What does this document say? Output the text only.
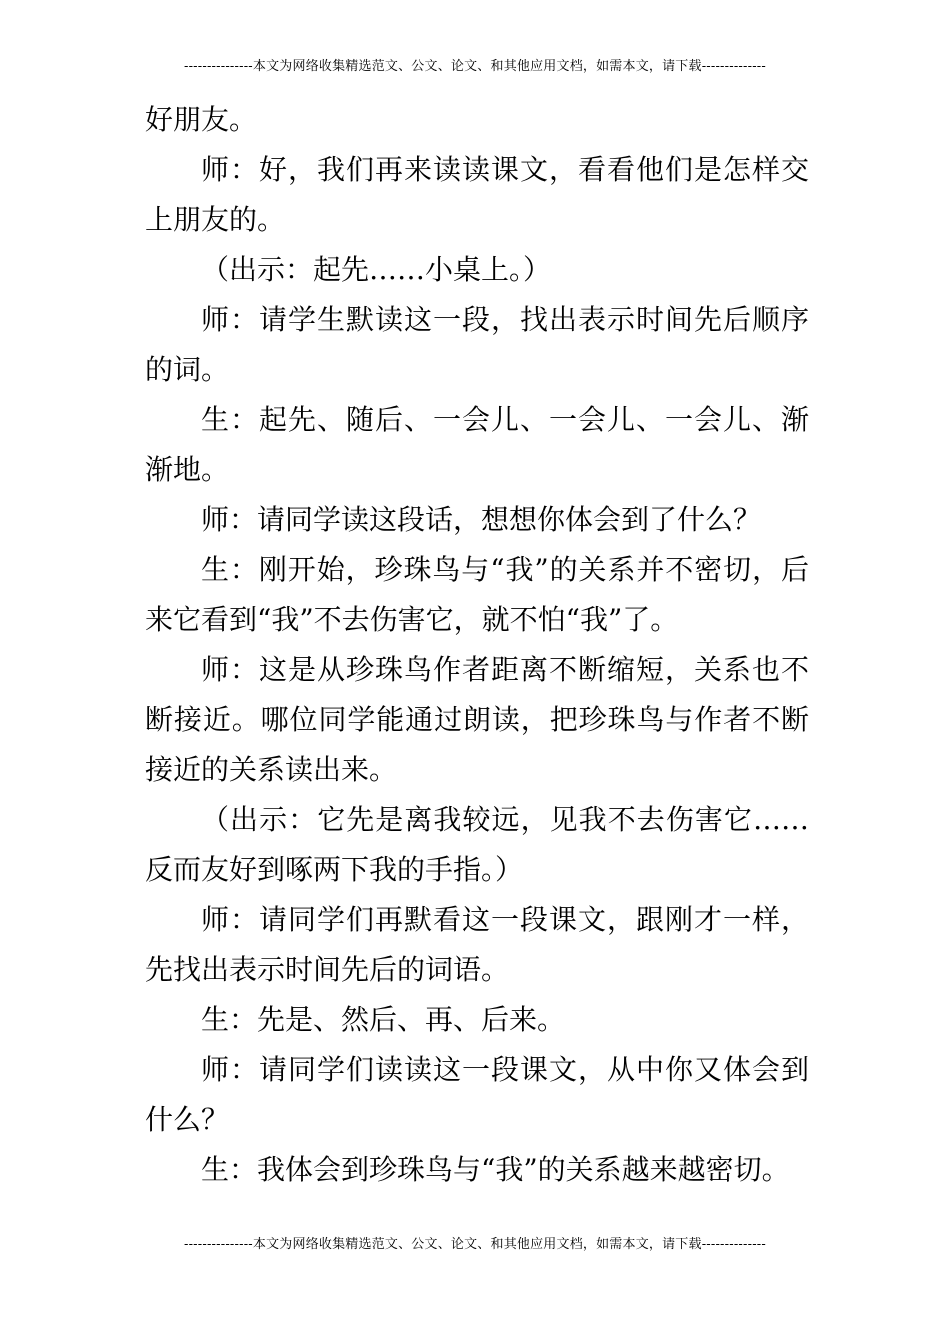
---------------本文为网络收集精选范文、公文、论文、和其他应用文档，如需本文，请下载--------------

好朋友。

师：好，我们再来读读课文，看看他们是怎样交上朋友的。

（出示：起先……小桌上。）

师：请学生默读这一段，找出表示时间先后顺序的词。

生：起先、随后、一会儿、一会儿、一会儿、渐渐地。

师：请同学读这段话，想想你体会到了什么？

生：刚开始，珍珠鸟与“我”的关系并不密切，后来它看到“我”不去伤害它，就不怕“我”了。

师：这是从珍珠鸟作者距离不断缩短，关系也不断接近。哪位同学能通过朗读，把珍珠鸟与作者不断接近的关系读出来。

（出示：它先是离我较远，见我不去伤害它……反而友好到啄两下我的手指。）

师：请同学们再默看这一段课文，跟刚才一样，先找出表示时间先后的词语。

生：先是、然后、再、后来。

师：请同学们读读这一段课文，从中你又体会到什么？

生：我体会到珍珠鸟与“我”的关系越来越密切。

---------------本文为网络收集精选范文、公文、论文、和其他应用文档，如需本文，请下载--------------
